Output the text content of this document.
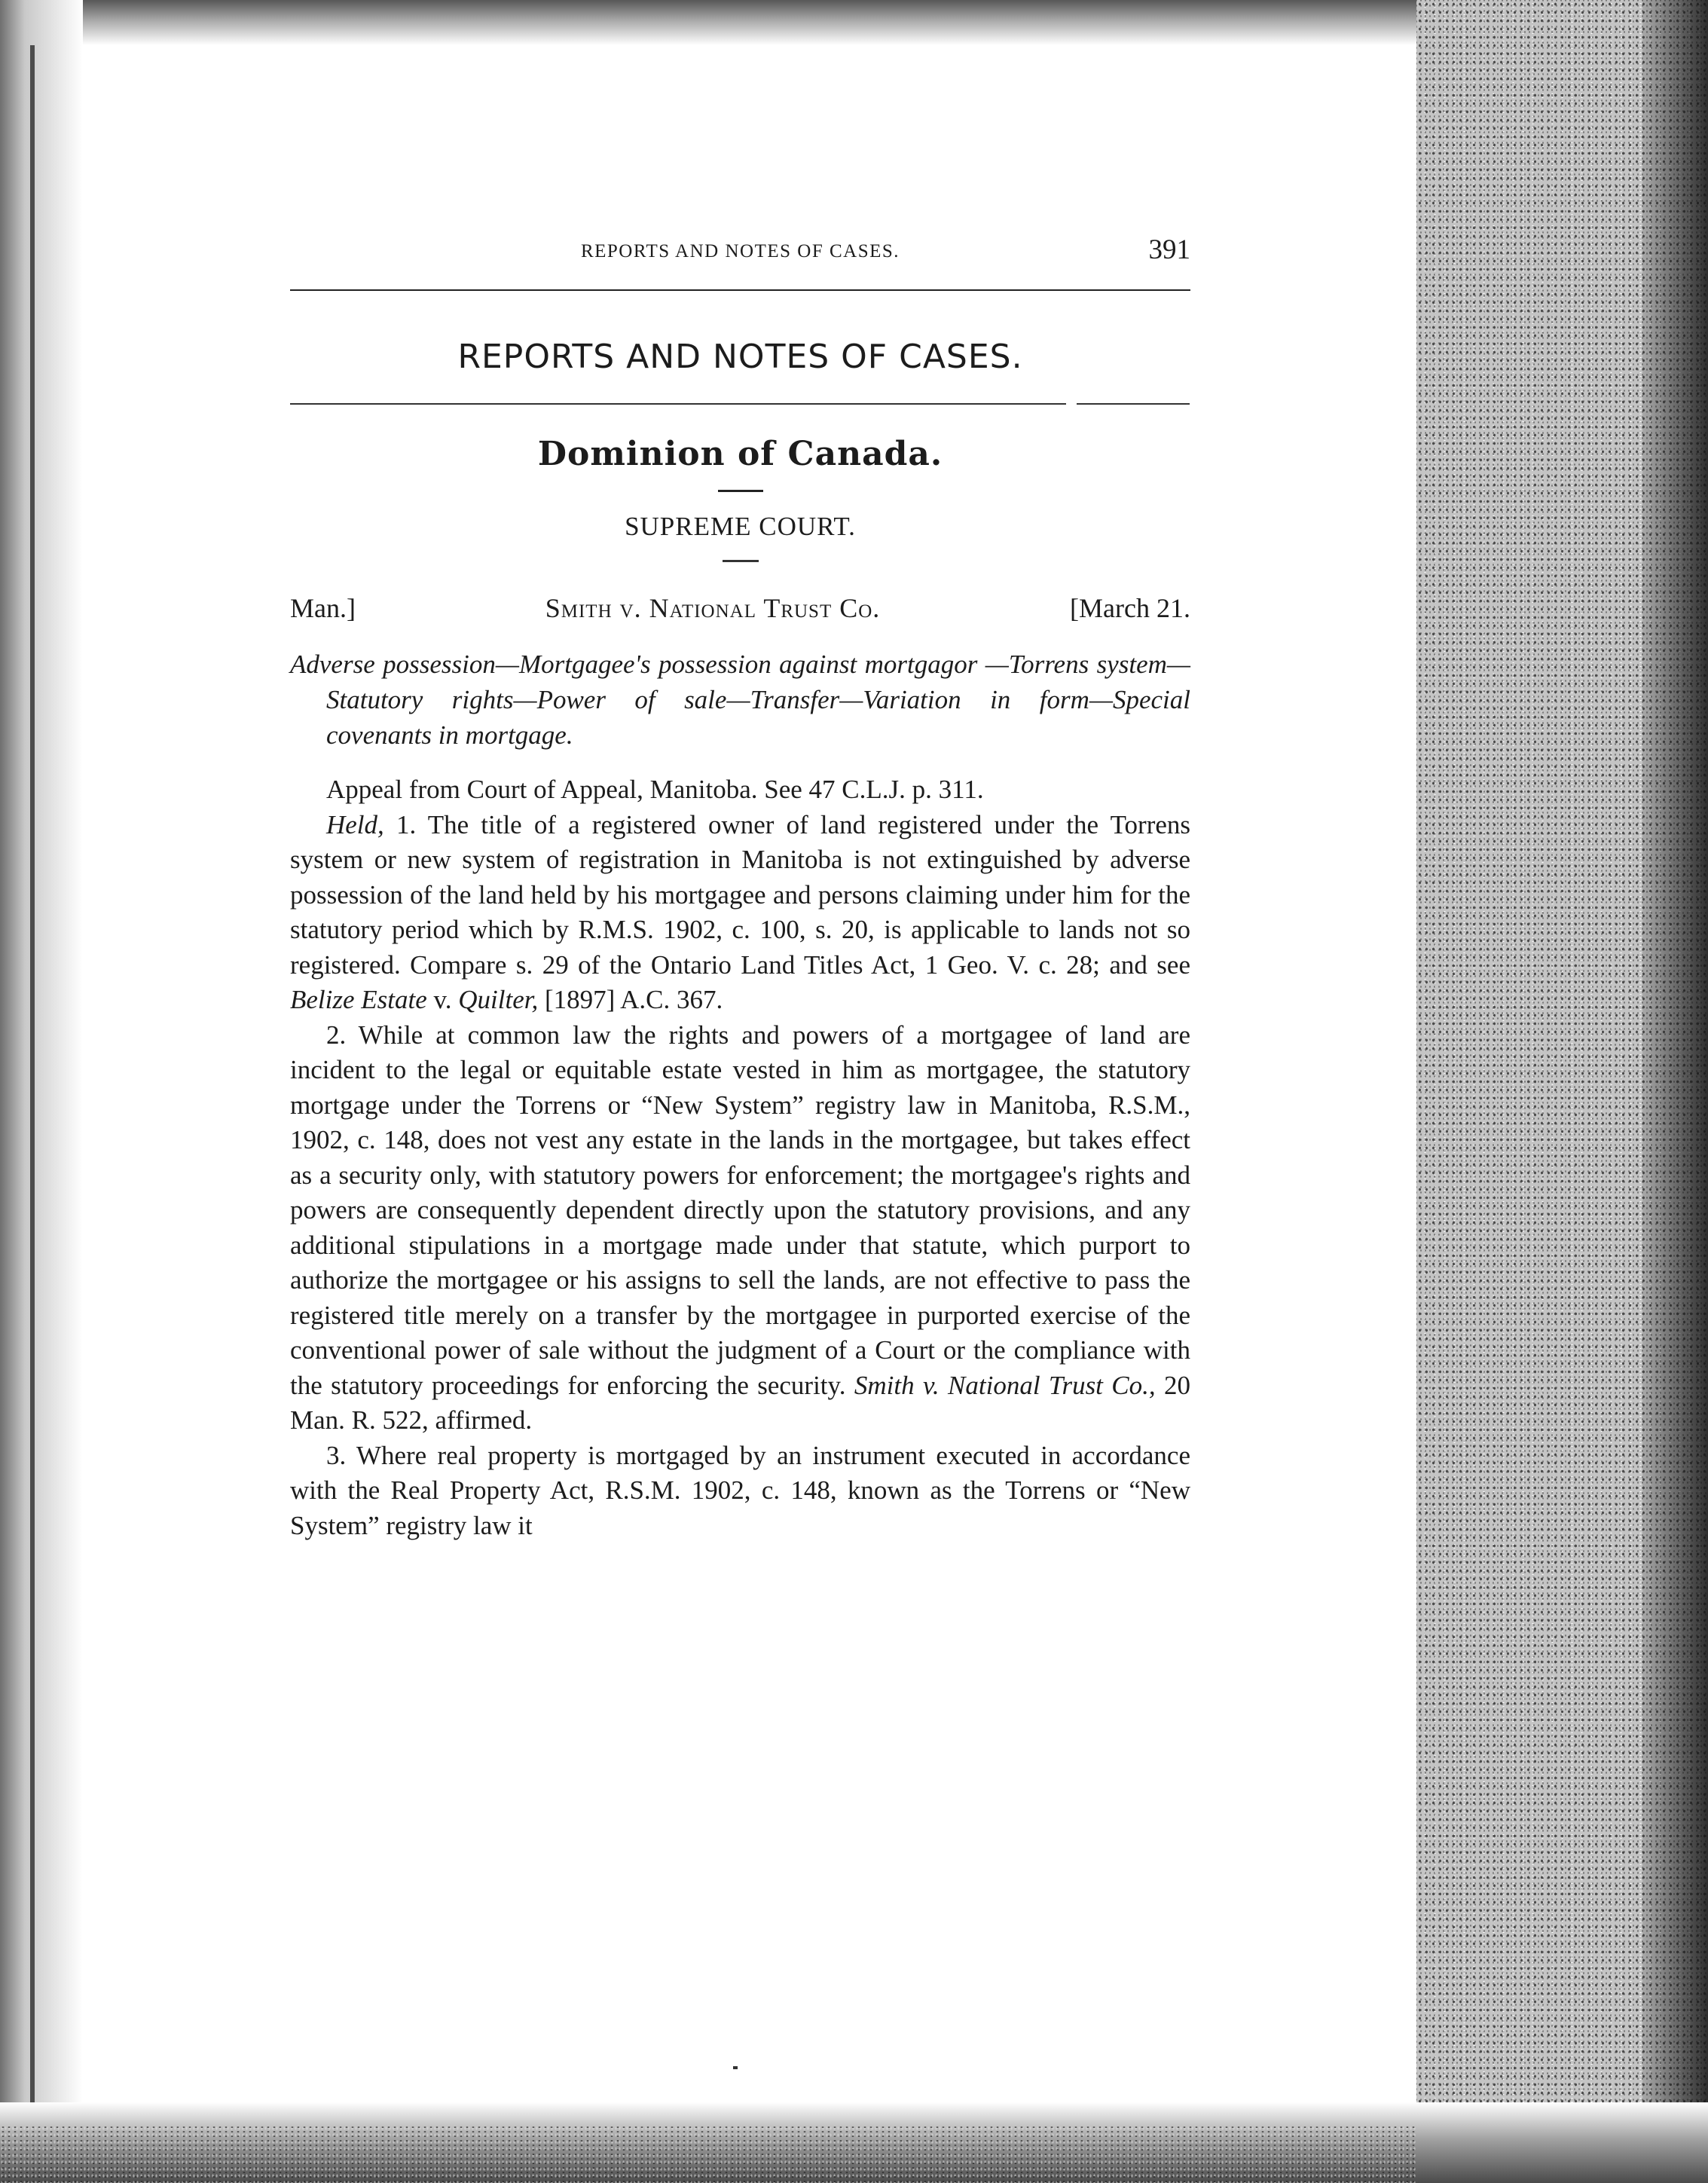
REPORTS AND NOTES OF CASES.	391
REPORTS AND NOTES OF CASES.
Dominion of Canada.
SUPREME COURT.
Man.]	Smith v. National Trust Co.	[March 21.
Adverse possession—Mortgagee's possession against mortgagor —Torrens system—Statutory rights—Power of sale—Transfer—Variation in form—Special covenants in mortgage.

Appeal from Court of Appeal, Manitoba. See 47 C.L.J. p. 311.

Held, 1. The title of a registered owner of land registered under the Torrens system or new system of registration in Manitoba is not extinguished by adverse possession of the land held by his mortgagee and persons claiming under him for the statutory period which by R.M.S. 1902, c. 100, s. 20, is applicable to lands not so registered. Compare s. 29 of the Ontario Land Titles Act, 1 Geo. V. c. 28; and see Belize Estate v. Quilter, [1897] A.C. 367.

2. While at common law the rights and powers of a mortgagee of land are incident to the legal or equitable estate vested in him as mortgagee, the statutory mortgage under the Torrens or “New System” registry law in Manitoba, R.S.M., 1902, c. 148, does not vest any estate in the lands in the mortgagee, but takes effect as a security only, with statutory powers for enforcement; the mortgagee's rights and powers are consequently dependent directly upon the statutory provisions, and any additional stipulations in a mortgage made under that statute, which purport to authorize the mortgagee or his assigns to sell the lands, are not effective to pass the registered title merely on a transfer by the mortgagee in purported exercise of the conventional power of sale without the judgment of a Court or the compliance with the statutory proceedings for enforcing the security. Smith v. National Trust Co., 20 Man. R. 522, affirmed.

3. Where real property is mortgaged by an instrument executed in accordance with the Real Property Act, R.S.M. 1902, c. 148, known as the Torrens or “New System” registry law it
